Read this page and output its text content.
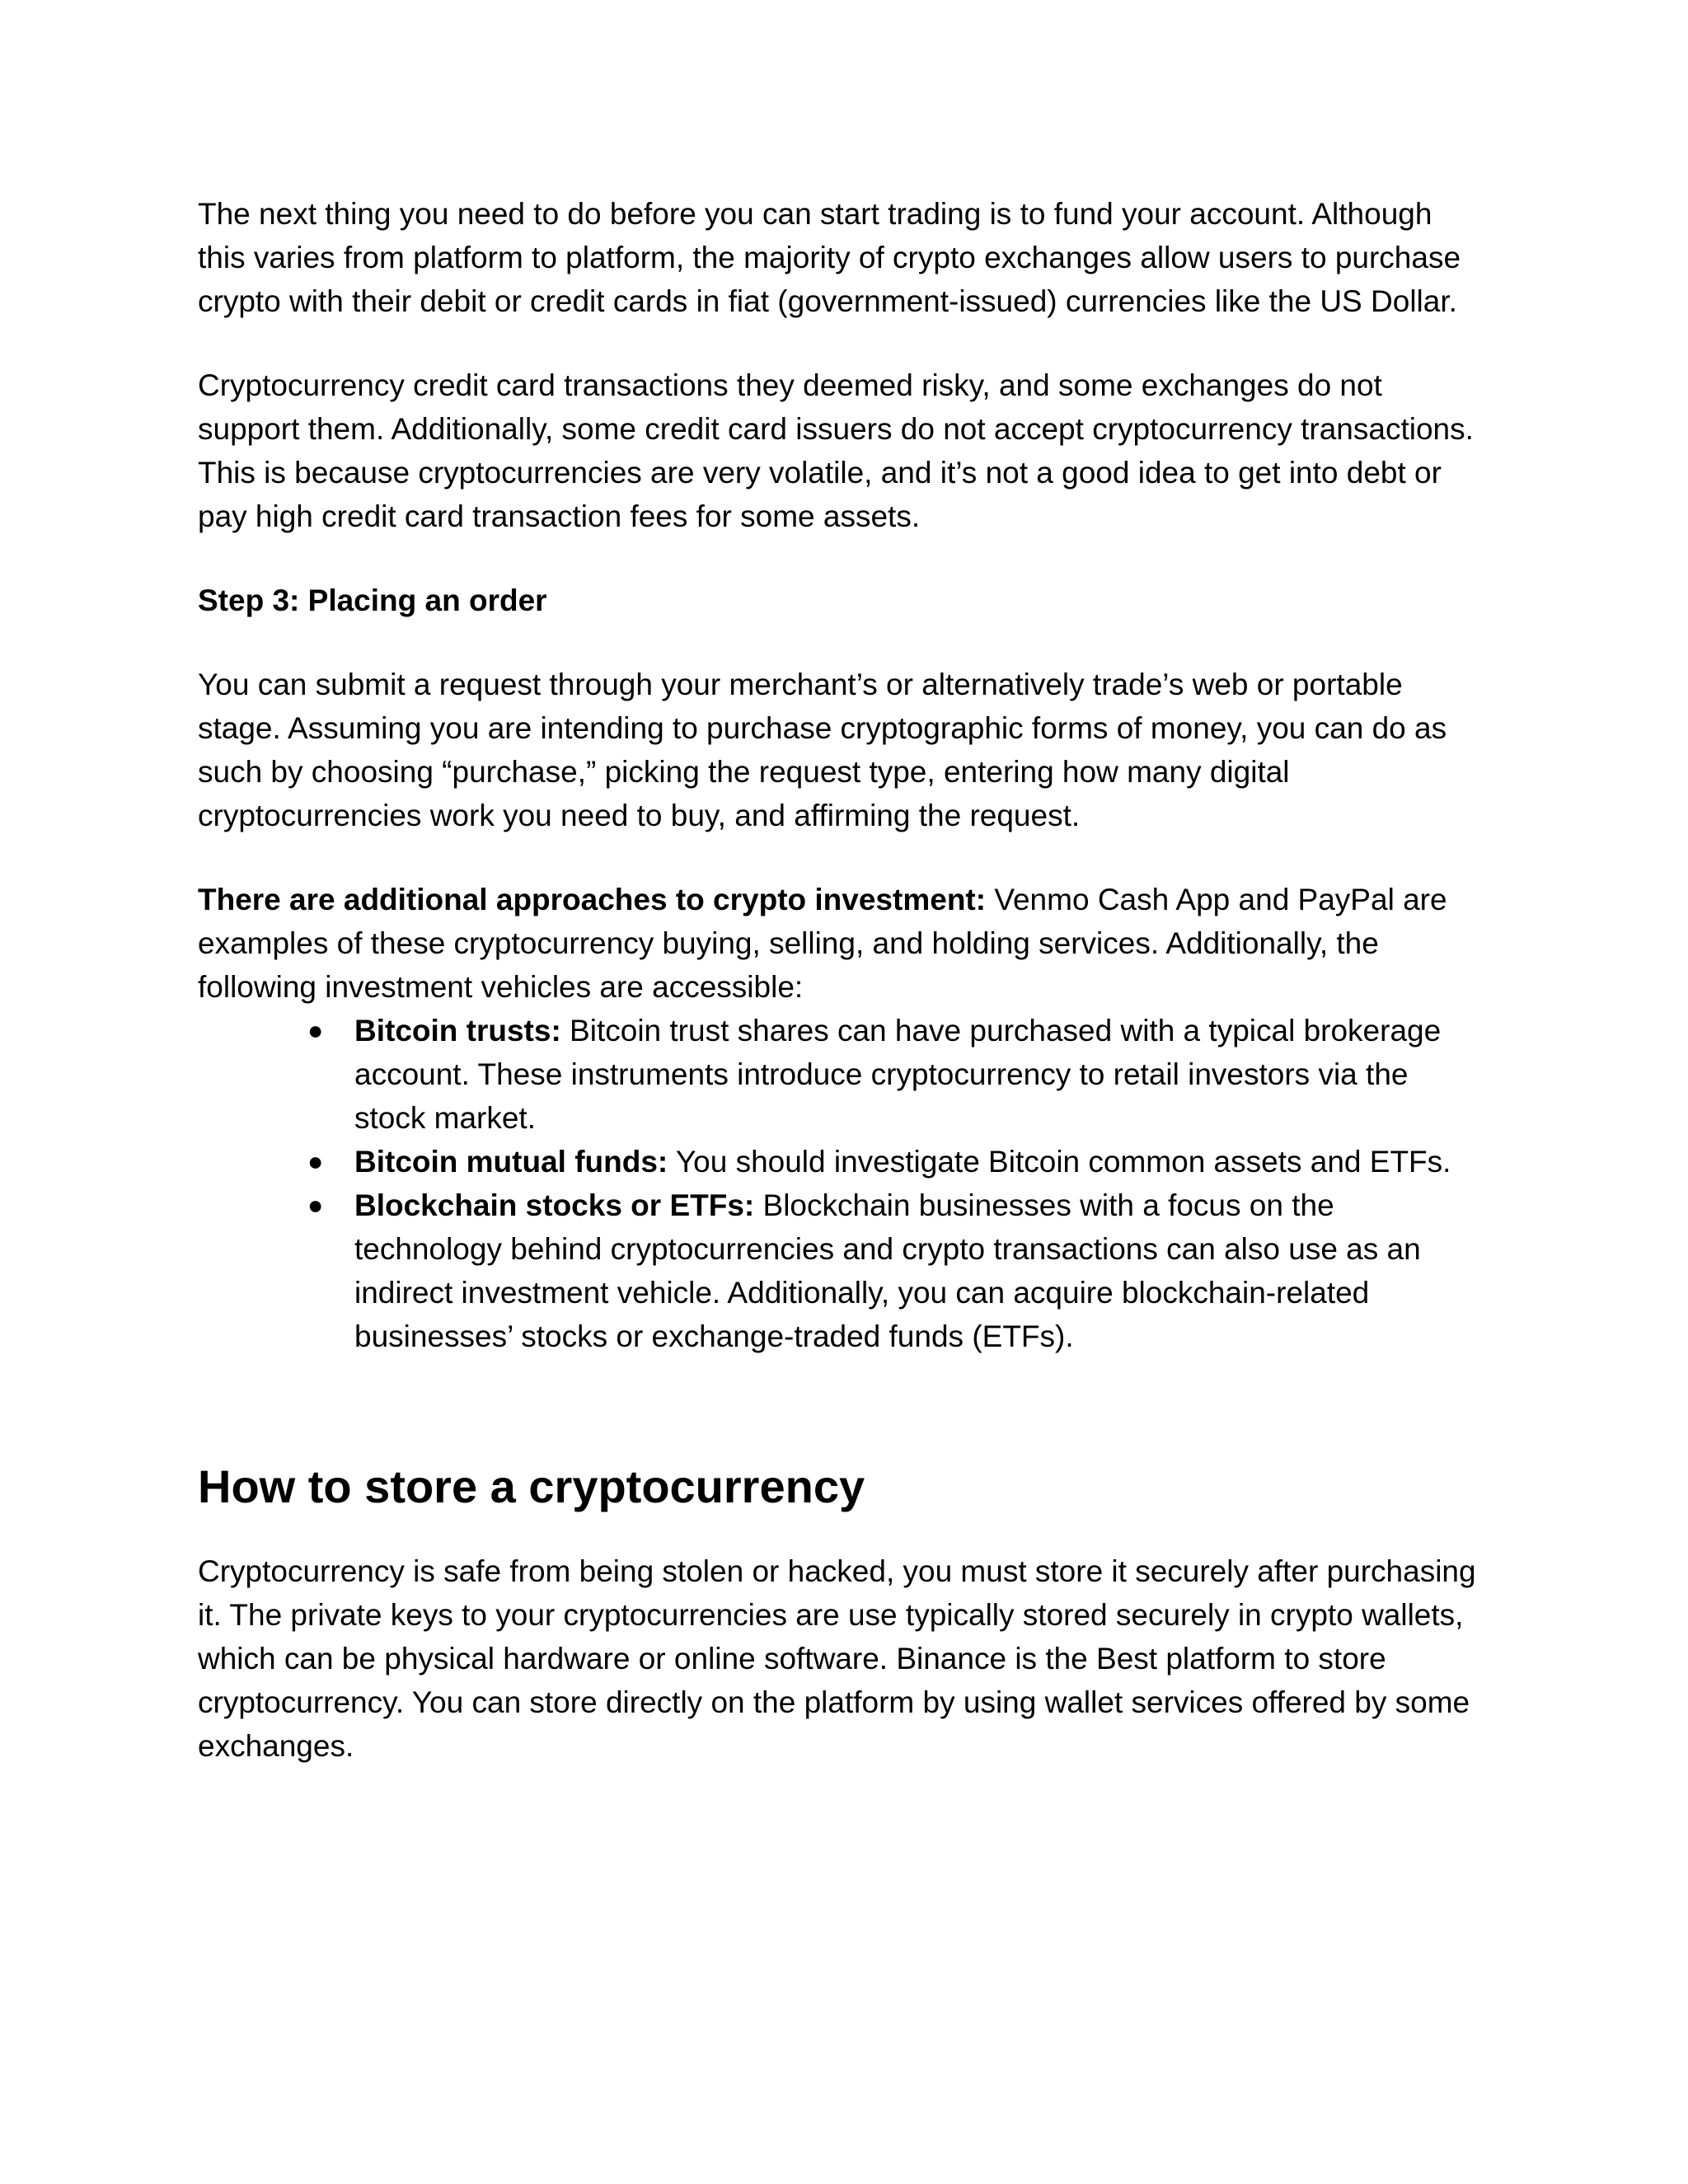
The next thing you need to do before you can start trading is to fund your account. Although this varies from platform to platform, the majority of crypto exchanges allow users to purchase crypto with their debit or credit cards in fiat (government-issued) currencies like the US Dollar.

Cryptocurrency credit card transactions they deemed risky, and some exchanges do not support them. Additionally, some credit card issuers do not accept cryptocurrency transactions. This is because cryptocurrencies are very volatile, and it’s not a good idea to get into debt or pay high credit card transaction fees for some assets.

Step 3: Placing an order

You can submit a request through your merchant’s or alternatively trade’s web or portable stage. Assuming you are intending to purchase cryptographic forms of money, you can do as such by choosing “purchase,” picking the request type, entering how many digital cryptocurrencies work you need to buy, and affirming the request.

There are additional approaches to crypto investment: Venmo Cash App and PayPal are examples of these cryptocurrency buying, selling, and holding services. Additionally, the following investment vehicles are accessible:

● Bitcoin trusts: Bitcoin trust shares can have purchased with a typical brokerage account. These instruments introduce cryptocurrency to retail investors via the stock market.
● Bitcoin mutual funds: You should investigate Bitcoin common assets and ETFs.
● Blockchain stocks or ETFs: Blockchain businesses with a focus on the technology behind cryptocurrencies and crypto transactions can also use as an indirect investment vehicle. Additionally, you can acquire blockchain-related businesses’ stocks or exchange-traded funds (ETFs).
How to store a cryptocurrency

Cryptocurrency is safe from being stolen or hacked, you must store it securely after purchasing it. The private keys to your cryptocurrencies are use typically stored securely in crypto wallets, which can be physical hardware or online software. Binance is the Best platform to store cryptocurrency. You can store directly on the platform by using wallet services offered by some exchanges.
